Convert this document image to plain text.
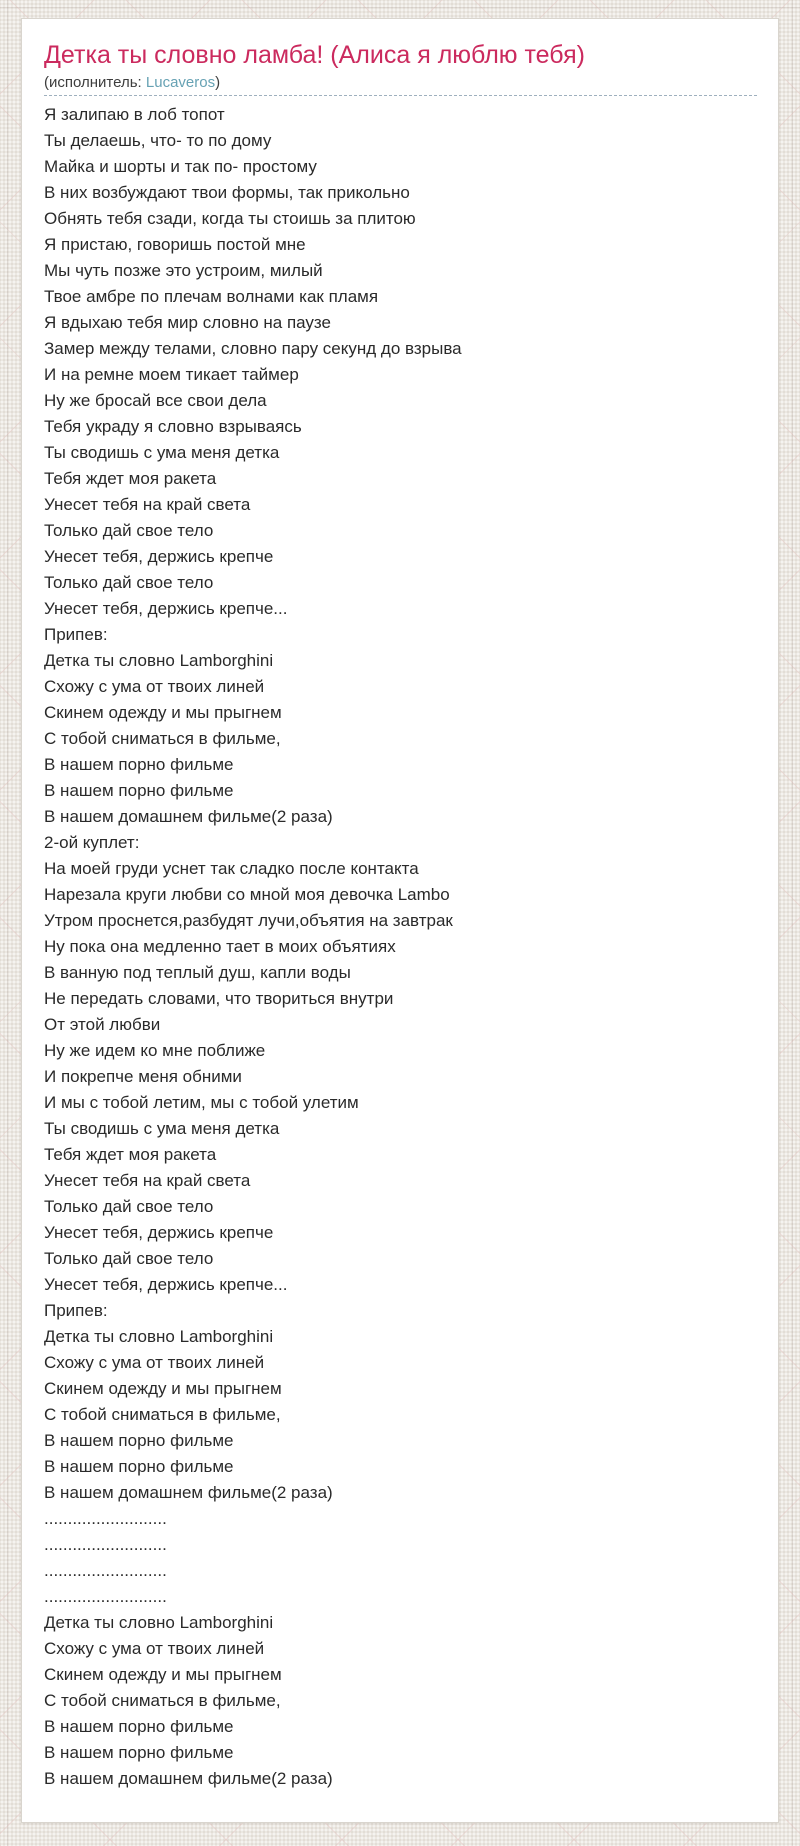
Детка ты словно ламба! (Алиса я люблю тебя)
(исполнитель: Lucaveros)
Я залипаю в лоб топот
Ты делаешь, что- то по дому
Майка и шорты и так по- простому
В них возбуждают твои формы, так прикольно
Обнять тебя сзади, когда ты стоишь за плитою
Я пристаю, говоришь постой мне
Мы чуть позже это устроим, милый
Твое амбре по плечам волнами как пламя
Я вдыхаю тебя мир словно на паузе
Замер между телами, словно пару секунд до взрыва
И на ремне моем тикает таймер
Ну же бросай все свои дела
Тебя украду я словно взрываясь
Ты сводишь с ума меня детка
Тебя ждет моя ракета
Унесет тебя на край света
Только дай свое тело
Унесет тебя, держись крепче
Только дай свое тело
Унесет тебя, держись крепче...
Припев:
Детка ты словно Lamborghini
Схожу с ума от твоих линей
Скинем одежду и мы прыгнем
С тобой сниматься в фильме,
В нашем порно фильме
В нашем порно фильме
В нашем домашнем фильме(2 раза)
2-ой куплет:
На моей груди уснет так сладко после контакта
Нарезала круги любви со мной моя девочка Lambo
Утром проснется,разбудят лучи,объятия на завтрак
Ну пока она медленно тает в моих объятиях
В ванную под теплый душ, капли воды
Не передать словами, что твориться внутри
От этой любви
Ну же идем ко мне поближе
И покрепче меня обними
И мы с тобой летим, мы с тобой улетим
Ты сводишь с ума меня детка
Тебя ждет моя ракета
Унесет тебя на край света
Только дай свое тело
Унесет тебя, держись крепче
Только дай свое тело
Унесет тебя, держись крепче...
Припев:
Детка ты словно Lamborghini
Схожу с ума от твоих линей
Скинем одежду и мы прыгнем
С тобой сниматься в фильме,
В нашем порно фильме
В нашем порно фильме
В нашем домашнем фильме(2 раза)
..........................
..........................
..........................
..........................
Детка ты словно Lamborghini
Схожу с ума от твоих линей
Скинем одежду и мы прыгнем
С тобой сниматься в фильме,
В нашем порно фильме
В нашем порно фильме
В нашем домашнем фильме(2 раза)
